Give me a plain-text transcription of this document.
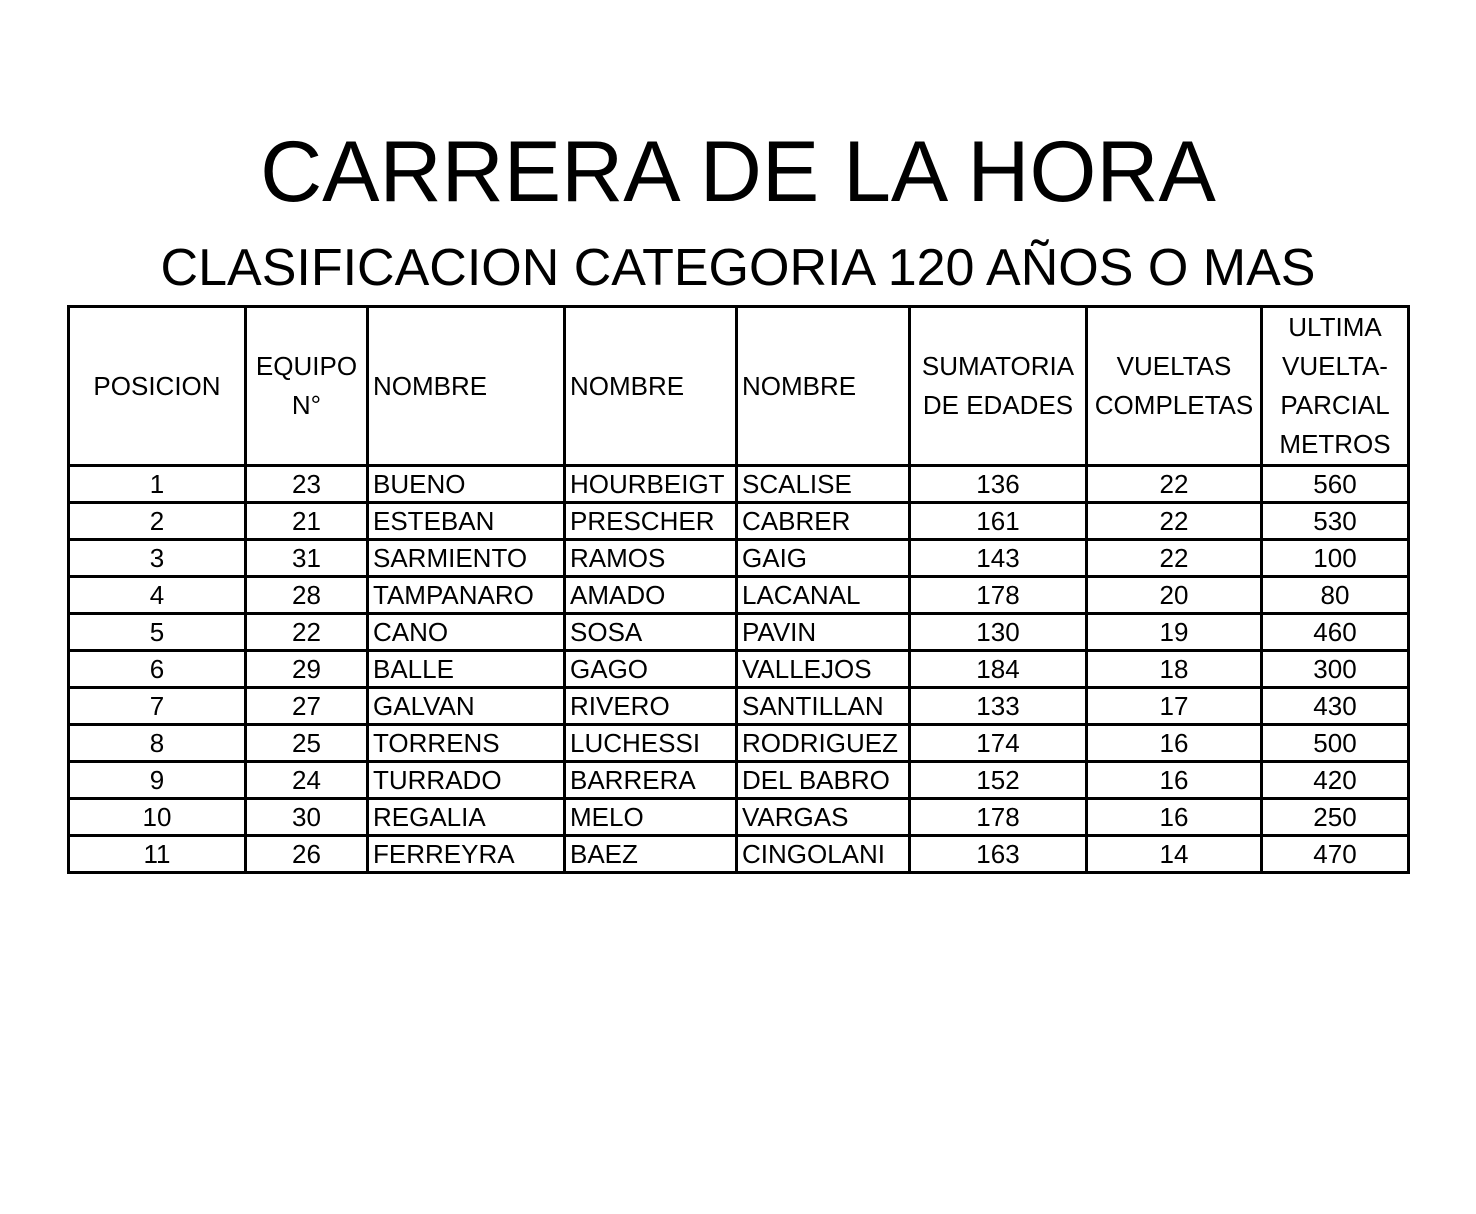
CARRERA DE LA HORA
CLASIFICACION CATEGORIA 120 AÑOS O MAS
POSICION	EQUIPO N°	NOMBRE	NOMBRE	NOMBRE	SUMATORIA DE EDADES	VUELTAS COMPLETAS	ULTIMA VUELTA-PARCIAL METROS
1	23	BUENO	HOURBEIGT	SCALISE	136	22	560
2	21	ESTEBAN	PRESCHER	CABRER	161	22	530
3	31	SARMIENTO	RAMOS	GAIG	143	22	100
4	28	TAMPANARO	AMADO	LACANAL	178	20	80
5	22	CANO	SOSA	PAVIN	130	19	460
6	29	BALLE	GAGO	VALLEJOS	184	18	300
7	27	GALVAN	RIVERO	SANTILLAN	133	17	430
8	25	TORRENS	LUCHESSI	RODRIGUEZ	174	16	500
9	24	TURRADO	BARRERA	DEL BABRO	152	16	420
10	30	REGALIA	MELO	VARGAS	178	16	250
11	26	FERREYRA	BAEZ	CINGOLANI	163	14	470
